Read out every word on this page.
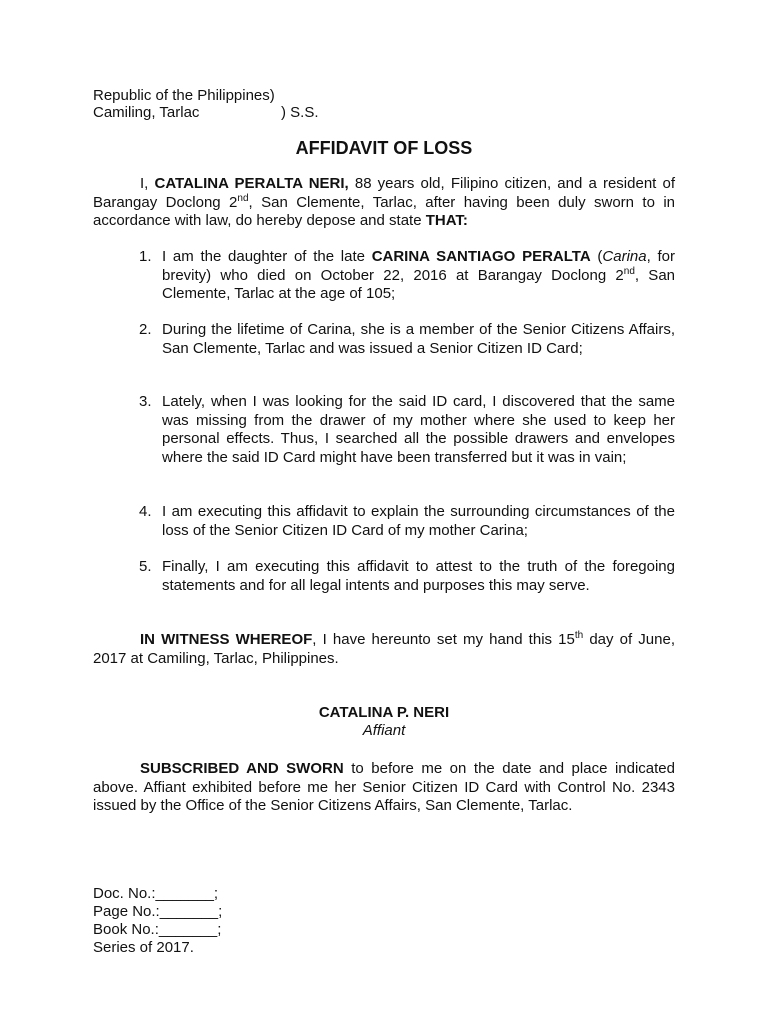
Republic of the Philippines)
Camiling, Tarlac	) S.S.
AFFIDAVIT OF LOSS

I, CATALINA PERALTA NERI, 88 years old, Filipino citizen, and a resident of Barangay Doclong 2nd, San Clemente, Tarlac, after having been duly sworn to in accordance with law, do hereby depose and state THAT:

1. I am the daughter of the late CARINA SANTIAGO PERALTA (Carina, for brevity) who died on October 22, 2016 at Barangay Doclong 2nd, San Clemente, Tarlac at the age of 105;
2. During the lifetime of Carina, she is a member of the Senior Citizens Affairs, San Clemente, Tarlac and was issued a Senior Citizen ID Card;
3. Lately, when I was looking for the said ID card, I discovered that the same was missing from the drawer of my mother where she used to keep her personal effects. Thus, I searched all the possible drawers and envelopes where the said ID Card might have been transferred but it was in vain;
4. I am executing this affidavit to explain the surrounding circumstances of the loss of the Senior Citizen ID Card of my mother Carina;
5. Finally, I am executing this affidavit to attest to the truth of the foregoing statements and for all legal intents and purposes this may serve.

IN WITNESS WHEREOF, I have hereunto set my hand this 15th day of June, 2017 at Camiling, Tarlac, Philippines.

CATALINA P. NERI
Affiant

SUBSCRIBED AND SWORN to before me on the date and place indicated above. Affiant exhibited before me her Senior Citizen ID Card with Control No. 2343 issued by the Office of the Senior Citizens Affairs, San Clemente, Tarlac.

Doc. No.:_______;
Page No.:_______;
Book No.:_______;
Series of 2017.
